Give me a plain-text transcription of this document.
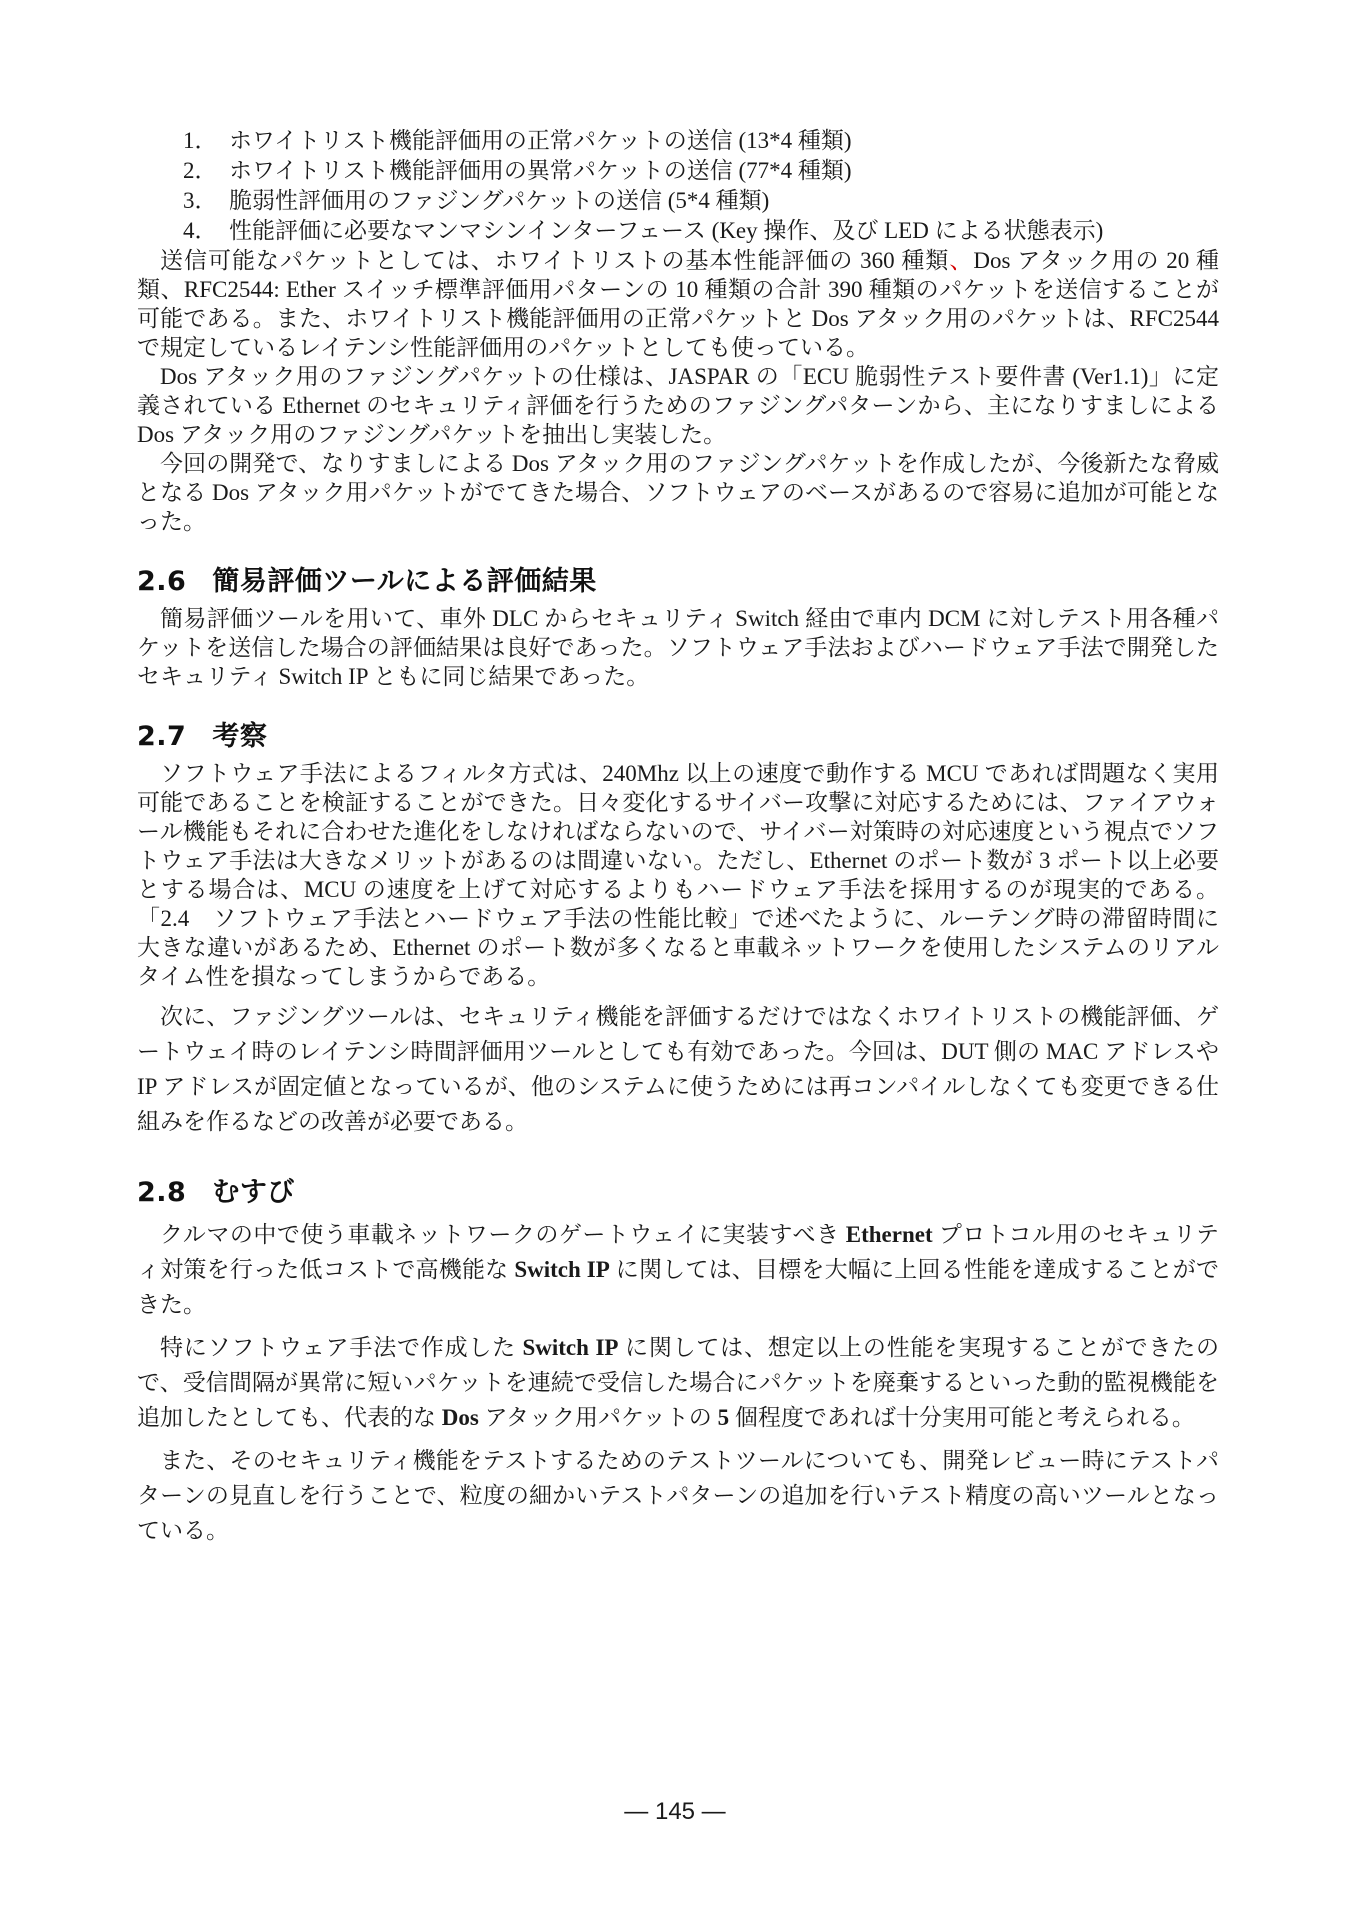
1． ホワイトリスト機能評価用の正常パケットの送信 (13*4 種類)
2． ホワイトリスト機能評価用の異常パケットの送信 (77*4 種類)
3． 脆弱性評価用のファジングパケットの送信 (5*4 種類)
4． 性能評価に必要なマンマシンインターフェース (Key 操作、及び LED による状態表示)

送信可能なパケットとしては、ホワイトリストの基本性能評価の 360 種類、Dos アタック用の 20 種類、RFC2544: Ether スイッチ標準評価用パターンの 10 種類の合計 390 種類のパケットを送信することが可能である。また、ホワイトリスト機能評価用の正常パケットと Dos アタック用のパケットは、RFC2544 で規定しているレイテンシ性能評価用のパケットとしても使っている。

Dos アタック用のファジングパケットの仕様は、JASPAR の「ECU 脆弱性テスト要件書 (Ver1.1)」に定義されている Ethernet のセキュリティ評価を行うためのファジングパターンから、主になりすましによる Dos アタック用のファジングパケットを抽出し実装した。

今回の開発で、なりすましによる Dos アタック用のファジングパケットを作成したが、今後新たな脅威となる Dos アタック用パケットがでてきた場合、ソフトウェアのベースがあるので容易に追加が可能となった。

2.6 簡易評価ツールによる評価結果

簡易評価ツールを用いて、車外 DLC からセキュリティ Switch 経由で車内 DCM に対しテスト用各種パケットを送信した場合の評価結果は良好であった。ソフトウェア手法およびハードウェア手法で開発したセキュリティ Switch IP ともに同じ結果であった。

2.7 考察

ソフトウェア手法によるフィルタ方式は、240Mhz 以上の速度で動作する MCU であれば問題なく実用可能であることを検証することができた。日々変化するサイバー攻撃に対応するためには、ファイアウォール機能もそれに合わせた進化をしなければならないので、サイバー対策時の対応速度という視点でソフトウェア手法は大きなメリットがあるのは間違いない。ただし、Ethernet のポート数が 3 ポート以上必要とする場合は、MCU の速度を上げて対応するよりもハードウェア手法を採用するのが現実的である。「2.4　ソフトウェア手法とハードウェア手法の性能比較」で述べたように、ルーテング時の滞留時間に大きな違いがあるため、Ethernet のポート数が多くなると車載ネットワークを使用したシステムのリアルタイム性を損なってしまうからである。

次に、ファジングツールは、セキュリティ機能を評価するだけではなくホワイトリストの機能評価、ゲートウェイ時のレイテンシ時間評価用ツールとしても有効であった。今回は、DUT 側の MAC アドレスや IP アドレスが固定値となっているが、他のシステムに使うためには再コンパイルしなくても変更できる仕組みを作るなどの改善が必要である。

2.8 むすび

クルマの中で使う車載ネットワークのゲートウェイに実装すべき Ethernet プロトコル用のセキュリティ対策を行った低コストで高機能な Switch IP に関しては、目標を大幅に上回る性能を達成することができた。

特にソフトウェア手法で作成した Switch IP に関しては、想定以上の性能を実現することができたので、受信間隔が異常に短いパケットを連続で受信した場合にパケットを廃棄するといった動的監視機能を追加したとしても、代表的な Dos アタック用パケットの 5 個程度であれば十分実用可能と考えられる。

また、そのセキュリティ機能をテストするためのテストツールについても、開発レビュー時にテストパターンの見直しを行うことで、粒度の細かいテストパターンの追加を行いテスト精度の高いツールとなっている。

— 145 —
